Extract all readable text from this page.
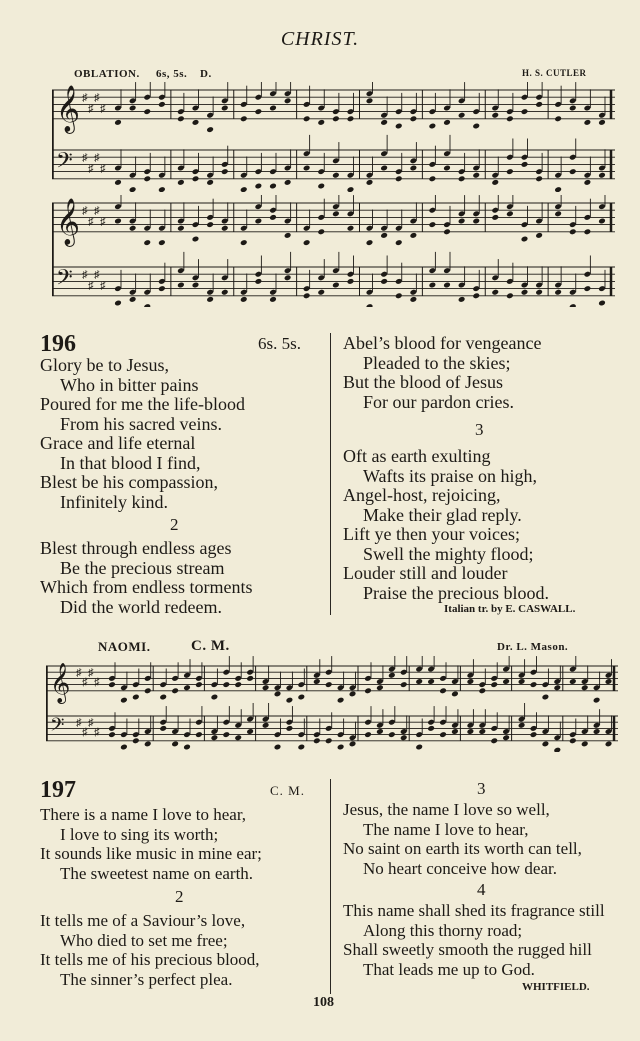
CHRIST.
OBLATION. 6s, 5s. D.	H. S. CUTLER
𝄞 ♯
♯
♯
♯
𝄢 ♯
♯
♯
♯
𝄞 ♯
♯
♯
♯
𝄢 ♯
♯
♯
♯
196	6s. 5s.
Glory be to Jesus,
Who in bitter pains
Poured for me the life-blood
From his sacred veins.
Grace and life eternal
In that blood I find,
Blest be his compassion,
Infinitely kind.
2
Blest through endless ages
Be the precious stream
Which from endless torments
Did the world redeem.
Abel’s blood for vengeance
Pleaded to the skies;
But the blood of Jesus
For our pardon cries.
3
Oft as earth exulting
Wafts its praise on high,
Angel-host, rejoicing,
Make their glad reply.
Lift ye then your voices;
Swell the mighty flood;
Louder still and louder
Praise the precious blood.
Italian tr. by E. CASWALL.
NAOMI.	C. M.	Dr. L. Mason.
𝄞 ♯
♯
♯
♯
𝄢 ♯
♯
♯
♯
197	C. M.
There is a name I love to hear,
I love to sing its worth;
It sounds like music in mine ear;
The sweetest name on earth.
2
It tells me of a Saviour’s love,
Who died to set me free;
It tells me of his precious blood,
The sinner’s perfect plea.
3
Jesus, the name I love so well,
The name I love to hear,
No saint on earth its worth can tell,
No heart conceive how dear.
4
This name shall shed its fragrance still
Along this thorny road;
Shall sweetly smooth the rugged hill
That leads me up to God.
WHITFIELD.
108
